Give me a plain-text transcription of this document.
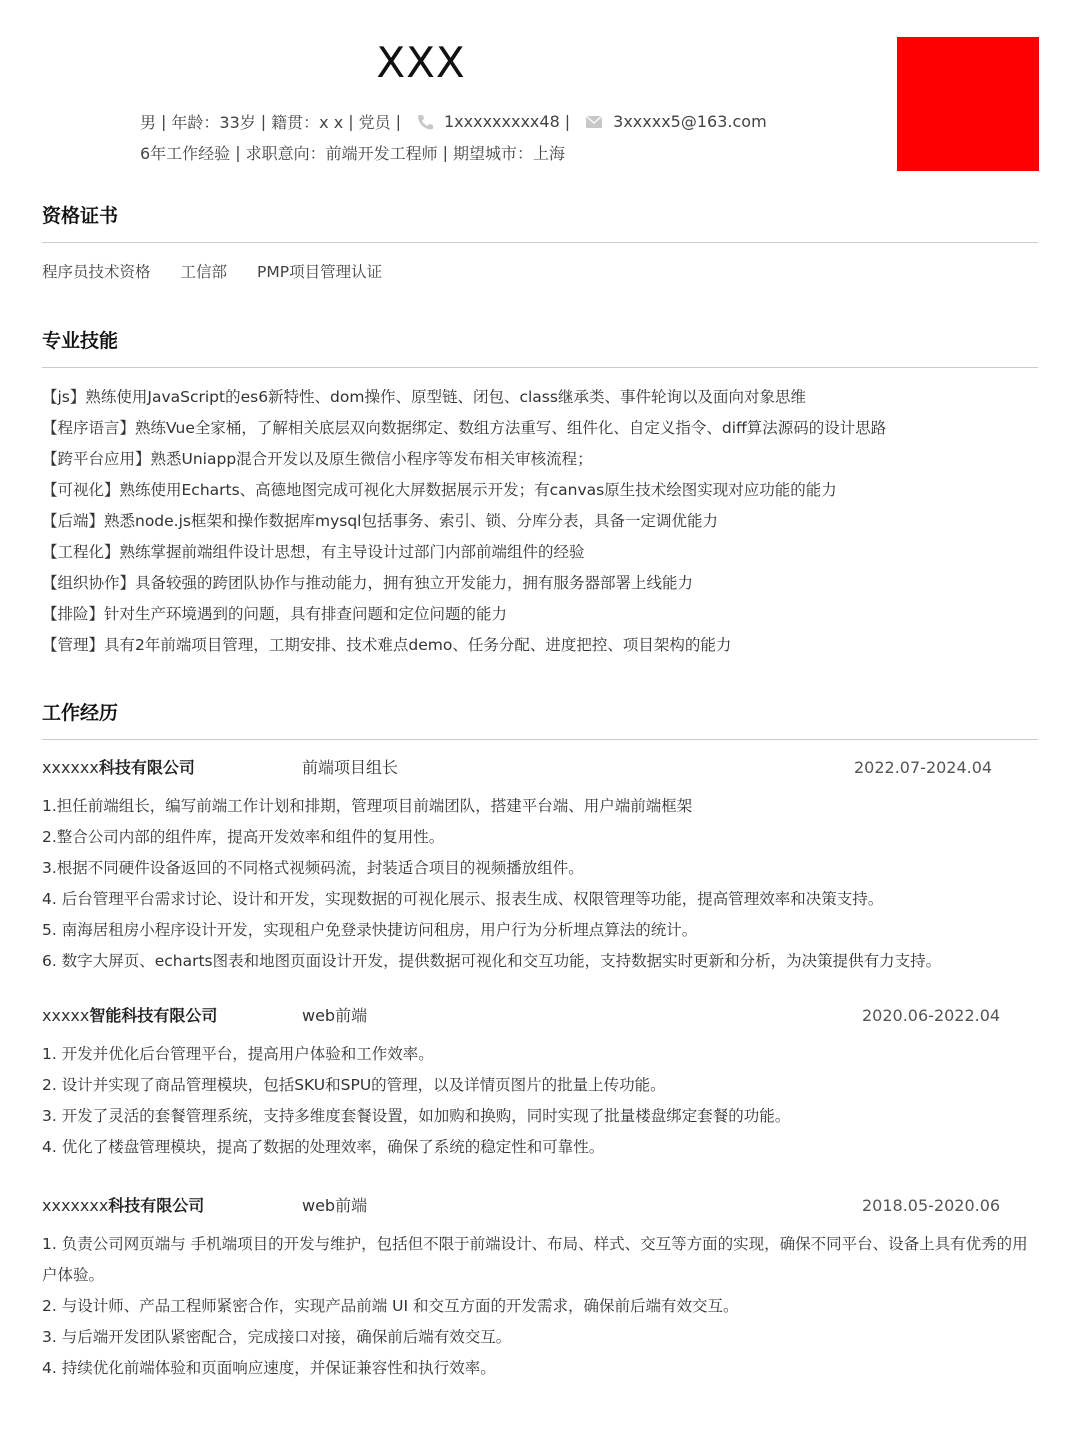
XXX
男 | 年龄：33岁 | 籍贯：x x | 党员 |	1xxxxxxxxx48 |	3xxxxx5@163.com
6年工作经验 | 求职意向：前端开发工程师 | 期望城市：上海
资格证书
程序员技术资格 工信部 PMP项目管理认证
专业技能
【js】熟练使用JavaScript的es6新特性、dom操作、原型链、闭包、class继承类、事件轮询以及面向对象思维
【程序语言】熟练Vue全家桶，了解相关底层双向数据绑定、数组方法重写、组件化、自定义指令、diff算法源码的设计思路
【跨平台应用】熟悉Uniapp混合开发以及原生微信小程序等发布相关审核流程；
【可视化】熟练使用Echarts、高德地图完成可视化大屏数据展示开发；有canvas原生技术绘图实现对应功能的能力
【后端】熟悉node.js框架和操作数据库mysql包括事务、索引、锁、分库分表，具备一定调优能力
【工程化】熟练掌握前端组件设计思想，有主导设计过部门内部前端组件的经验
【组织协作】具备较强的跨团队协作与推动能力，拥有独立开发能力，拥有服务器部署上线能力
【排险】针对生产环境遇到的问题，具有排查问题和定位问题的能力
【管理】具有2年前端项目管理，工期安排、技术难点demo、任务分配、进度把控、项目架构的能力
工作经历
xxxxxx科技有限公司	前端项目组长	2022.07-2024.04
1.担任前端组长，编写前端工作计划和排期，管理项目前端团队，搭建平台端、用户端前端框架
2.整合公司内部的组件库，提高开发效率和组件的复用性。
3.根据不同硬件设备返回的不同格式视频码流，封装适合项目的视频播放组件。
4. 后台管理平台需求讨论、设计和开发，实现数据的可视化展示、报表生成、权限管理等功能，提高管理效率和决策支持。
5. 南海居租房小程序设计开发，实现租户免登录快捷访问租房，用户行为分析埋点算法的统计。
6. 数字大屏页、echarts图表和地图页面设计开发，提供数据可视化和交互功能，支持数据实时更新和分析，为决策提供有力支持。
xxxxx智能科技有限公司	web前端	2020.06-2022.04
1. 开发并优化后台管理平台，提高用户体验和工作效率。
2. 设计并实现了商品管理模块，包括SKU和SPU的管理，以及详情页图片的批量上传功能。
3. 开发了灵活的套餐管理系统，支持多维度套餐设置，如加购和换购，同时实现了批量楼盘绑定套餐的功能。
4. 优化了楼盘管理模块，提高了数据的处理效率，确保了系统的稳定性和可靠性。
xxxxxxx科技有限公司	web前端	2018.05-2020.06
1. 负责公司网页端与 手机端项目的开发与维护，包括但不限于前端设计、布局、样式、交互等方面的实现，确保不同平台、设备上具有优秀的用户体验。
2. 与设计师、产品工程师紧密合作，实现产品前端 UI 和交互方面的开发需求，确保前后端有效交互。
3. 与后端开发团队紧密配合，完成接口对接，确保前后端有效交互。
4. 持续优化前端体验和页面响应速度，并保证兼容性和执行效率。
